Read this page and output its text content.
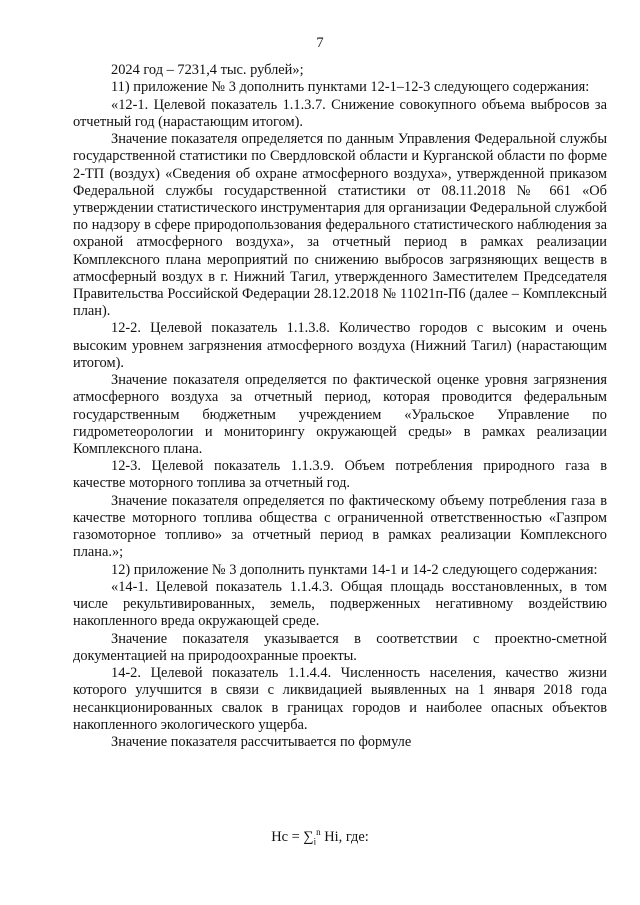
7

2024 год – 7231,4 тыс. рублей»;

11) приложение № 3 дополнить пунктами 12-1–12-3 следующего содержания:

«12-1. Целевой показатель 1.1.3.7. Снижение совокупного объема выбросов за отчетный год (нарастающим итогом).

Значение показателя определяется по данным Управления Федеральной службы государственной статистики по Свердловской области и Курганской области по форме 2-ТП (воздух) «Сведения об охране атмосферного воздуха», утвержденной приказом Федеральной службы государственной статистики от 08.11.2018 № 661 «Об утверждении статистического инструментария для организации Федеральной службой по надзору в сфере природопользования федерального статистического наблюдения за охраной атмосферного воздуха», за отчетный период в рамках реализации Комплексного плана мероприятий по снижению выбросов загрязняющих веществ в атмосферный воздух в г. Нижний Тагил, утвержденного Заместителем Председателя Правительства Российской Федерации 28.12.2018 № 11021п-П6 (далее – Комплексный план).

12-2. Целевой показатель 1.1.3.8. Количество городов с высоким и очень высоким уровнем загрязнения атмосферного воздуха (Нижний Тагил) (нарастающим итогом).

Значение показателя определяется по фактической оценке уровня загрязнения атмосферного воздуха за отчетный период, которая проводится федеральным государственным бюджетным учреждением «Уральское Управление по гидрометеорологии и мониторингу окружающей среды» в рамках реализации Комплексного плана.

12-3. Целевой показатель 1.1.3.9. Объем потребления природного газа в качестве моторного топлива за отчетный год.

Значение показателя определяется по фактическому объему потребления газа в качестве моторного топлива общества с ограниченной ответственностью «Газпром газомоторное топливо» за отчетный период в рамках реализации Комплексного плана.»;

12) приложение № 3 дополнить пунктами 14-1 и 14-2 следующего содержания:

«14-1. Целевой показатель 1.1.4.3. Общая площадь восстановленных, в том числе рекультивированных, земель, подверженных негативному воздействию накопленного вреда окружающей среде.

Значение показателя указывается в соответствии с проектно-сметной документацией на природоохранные проекты.

14-2. Целевой показатель 1.1.4.4. Численность населения, качество жизни которого улучшится в связи с ликвидацией выявленных на 1 января 2018 года несанкционированных свалок в границах городов и наиболее опасных объектов накопленного экологического ущерба.

Значение показателя рассчитывается по формуле

Нс = $\sum_i^n$ Нi, где:
